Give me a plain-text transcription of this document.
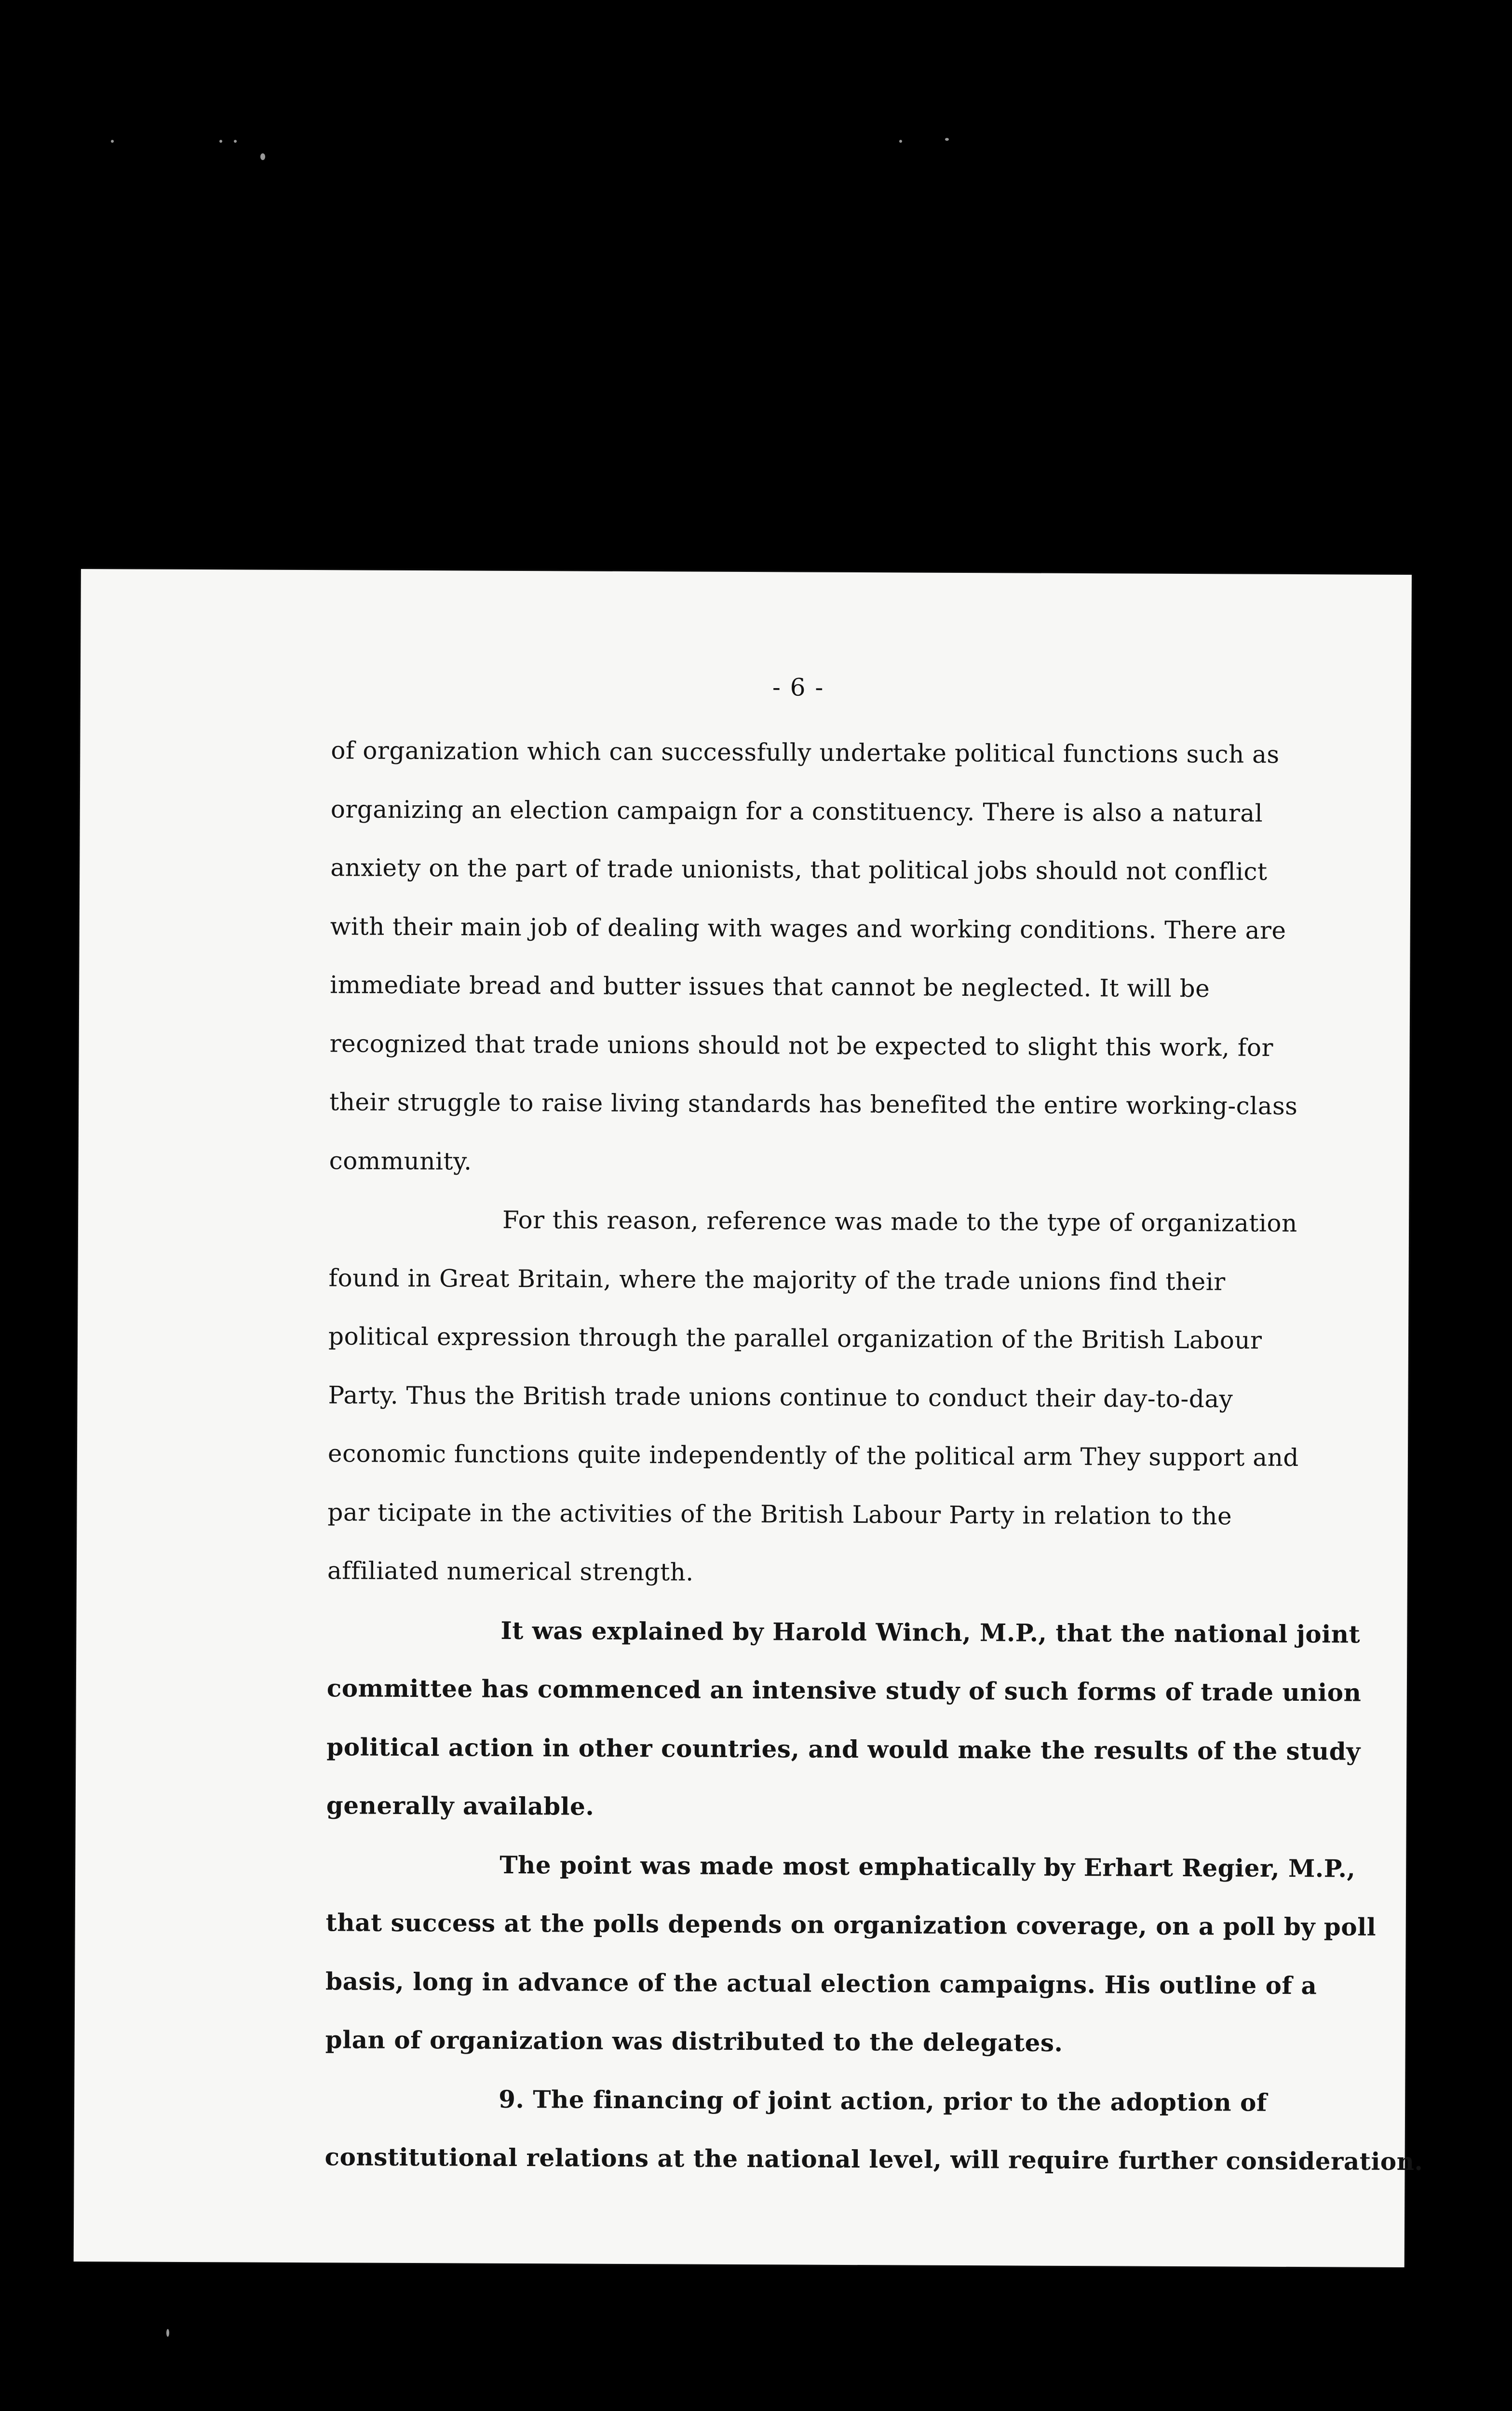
- 6 -
of organization which can successfully undertake political functions such as
organizing an election campaign for a constituency. There is also a natural
anxiety on the part of trade unionists, that political jobs should not conflict
with their main job of dealing with wages and working conditions. There are
immediate bread and butter issues that cannot be neglected. It will be
recognized that trade unions should not be expected to slight this work, for
their struggle to raise living standards has benefited the entire working-class
community.
For this reason, reference was made to the type of organization
found in Great Britain, where the majority of the trade unions find their
political expression through the parallel organization of the British Labour
Party. Thus the British trade unions continue to conduct their day-to-day
economic functions quite independently of the political arm They support and
par ticipate in the activities of the British Labour Party in relation to the
affiliated numerical strength.
It was explained by Harold Winch, M.P., that the national joint
committee has commenced an intensive study of such forms of trade union
political action in other countries, and would make the results of the study
generally available.
The point was made most emphatically by Erhart Regier, M.P.,
that success at the polls depends on organization coverage, on a poll by poll
basis, long in advance of the actual election campaigns. His outline of a
plan of organization was distributed to the delegates.
9. The financing of joint action, prior to the adoption of
constitutional relations at the national level, will require further consideration.
